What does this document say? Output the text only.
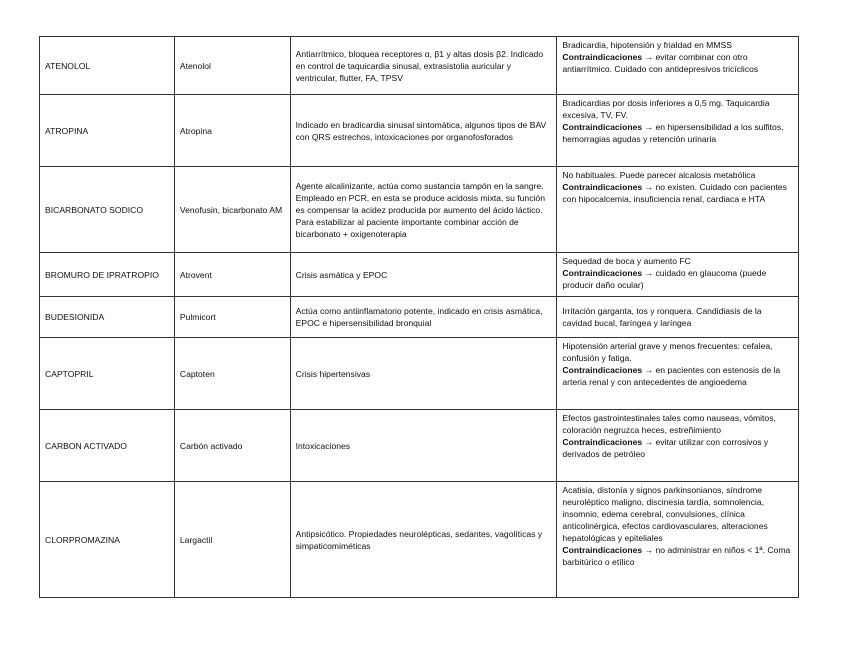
ATENOLOL	Atenolol	Antiarrítmico, bloquea receptores α, β1 y altas dosis β2. Indicado en control de taquicardia sinusal, extrasistolia auricular y ventricular, flutter, FA, TPSV	Bradicardia, hipotensión y frialdad en MMSS
Contraindicaciones → evitar combinar con otro antiarrítmico. Cuidado con antidepresivos tricíclicos
ATROPINA	Atropina	Indicado en bradicardia sinusal sintomática, algunos tipos de BAV con QRS estrechos, intoxicaciones por organofosforados	Bradicardias por dosis inferiores a 0,5 mg. Taquicardia excesiva, TV, FV.
Contraindicaciones → en hipersensibilidad a los sulfitos, hemorragias agudas y retención urinaria
BICARBONATO SODICO	Venofusin, bicarbonato AM	Agente alcalinizante, actúa como sustancia tampón en la sangre. Empleado en PCR, en esta se produce acidosis mixta, su función es compensar la acidez producida por aumento del ácido láctico. Para estabilizar al paciente importante combinar acción de bicarbonato + oxigenoterapia	No habituales. Puede parecer alcalosis metabólica
Contraindicaciones → no existen. Cuidado con pacientes con hipocalcemia, insuficiencia renal, cardiaca e HTA
BROMURO DE IPRATROPIO	Atrovent	Crisis asmática y EPOC	Sequedad de boca y aumento FC
Contraindicaciones → cuidado en glaucoma (puede producir daño ocular)
BUDESIONIDA	Pulmicort	Actúa como antiinflamatorio potente, indicado en crisis asmática, EPOC e hipersensibilidad bronquial	Irritación garganta, tos y ronquera. Candidiasis de la cavidad bucal, faríngea y laríngea

CAPTOPRIL	Captoten	Crisis hipertensivas	Hipotensión arterial grave y menos frecuentes: cefalea, confusión y fatiga.
Contraindicaciones → en pacientes con estenosis de la arteria renal y con antecedentes de angioedema
CARBON ACTIVADO	Carbón activado	Intoxicaciones	Efectos gastrointestinales tales como nauseas, vómitos, coloración negruzca heces, estreñimiento
Contraindicaciones → evitar utilizar con corrosivos y derivados de petróleo
CLORPROMAZINA	Largactil	Antipsicótico. Propiedades neurolépticas, sedantes, vagolíticas y simpaticomiméticas	Acatisia, distonía y signos parkinsonianos, síndrome neuroléptico maligno, discinesia tardía, somnolencia, insomnio, edema cerebral, convulsiones, clínica anticolinérgica, efectos cardiovasculares, alteraciones hepatológicas y epiteliales
Contraindicaciones → no administrar en niños < 1ª. Coma barbitúrico o etílico
